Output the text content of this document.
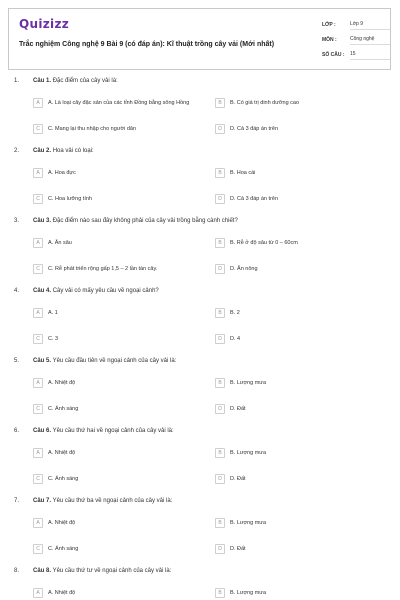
Quizizz
Trắc nghiệm Công nghệ 9 Bài 9 (có đáp án): Kĩ thuật trồng cây vải (Mới nhất)
LỚP :	Lớp 9
MÔN :	Công nghệ
SỐ CÂU :	15
1. Câu 1. Đặc điểm của cây vải là:
A	A. Là loại cây đặc sản của các tỉnh Đồng bằng sông Hồng	B	B. Có giá trị dinh dưỡng cao
C	C. Mang lại thu nhập cho người dân	D	D. Cả 3 đáp án trên
2. Câu 2. Hoa vải có loại:
A	A. Hoa đực	B	B. Hoa cái
C	C. Hoa lưỡng tính	D	D. Cả 3 đáp án trên
3. Câu 3. Đặc điểm nào sau đây không phải của cây vải trồng bằng cành chiết?
A	A. Ăn sâu	B	B. Rễ ở độ sâu từ 0 – 60cm
C	C. Rễ phát triển rộng gấp 1,5 – 2 lần tán cây.	D	D. Ăn nông
4. Câu 4. Cây vải có mấy yêu cầu về ngoại cảnh?
A	A. 1	B	B. 2
C	C. 3	D	D. 4
5. Câu 5. Yêu cầu đầu tiên về ngoại cảnh của cây vải là:
A	A. Nhiệt độ	B	B. Lượng mưa
C	C. Ánh sáng	D	D. Đất
6. Câu 6. Yêu cầu thứ hai về ngoại cảnh của cây vải là:
A	A. Nhiệt độ	B	B. Lượng mưa
C	C. Ánh sáng	D	D. Đất
7. Câu 7. Yêu cầu thứ ba về ngoại cảnh của cây vải là:
A	A. Nhiệt độ	B	B. Lượng mưa
C	C. Ánh sáng	D	D. Đất
8. Câu 8. Yêu cầu thứ tư về ngoại cảnh của cây vải là:
A	A. Nhiệt độ	B	B. Lượng mưa
